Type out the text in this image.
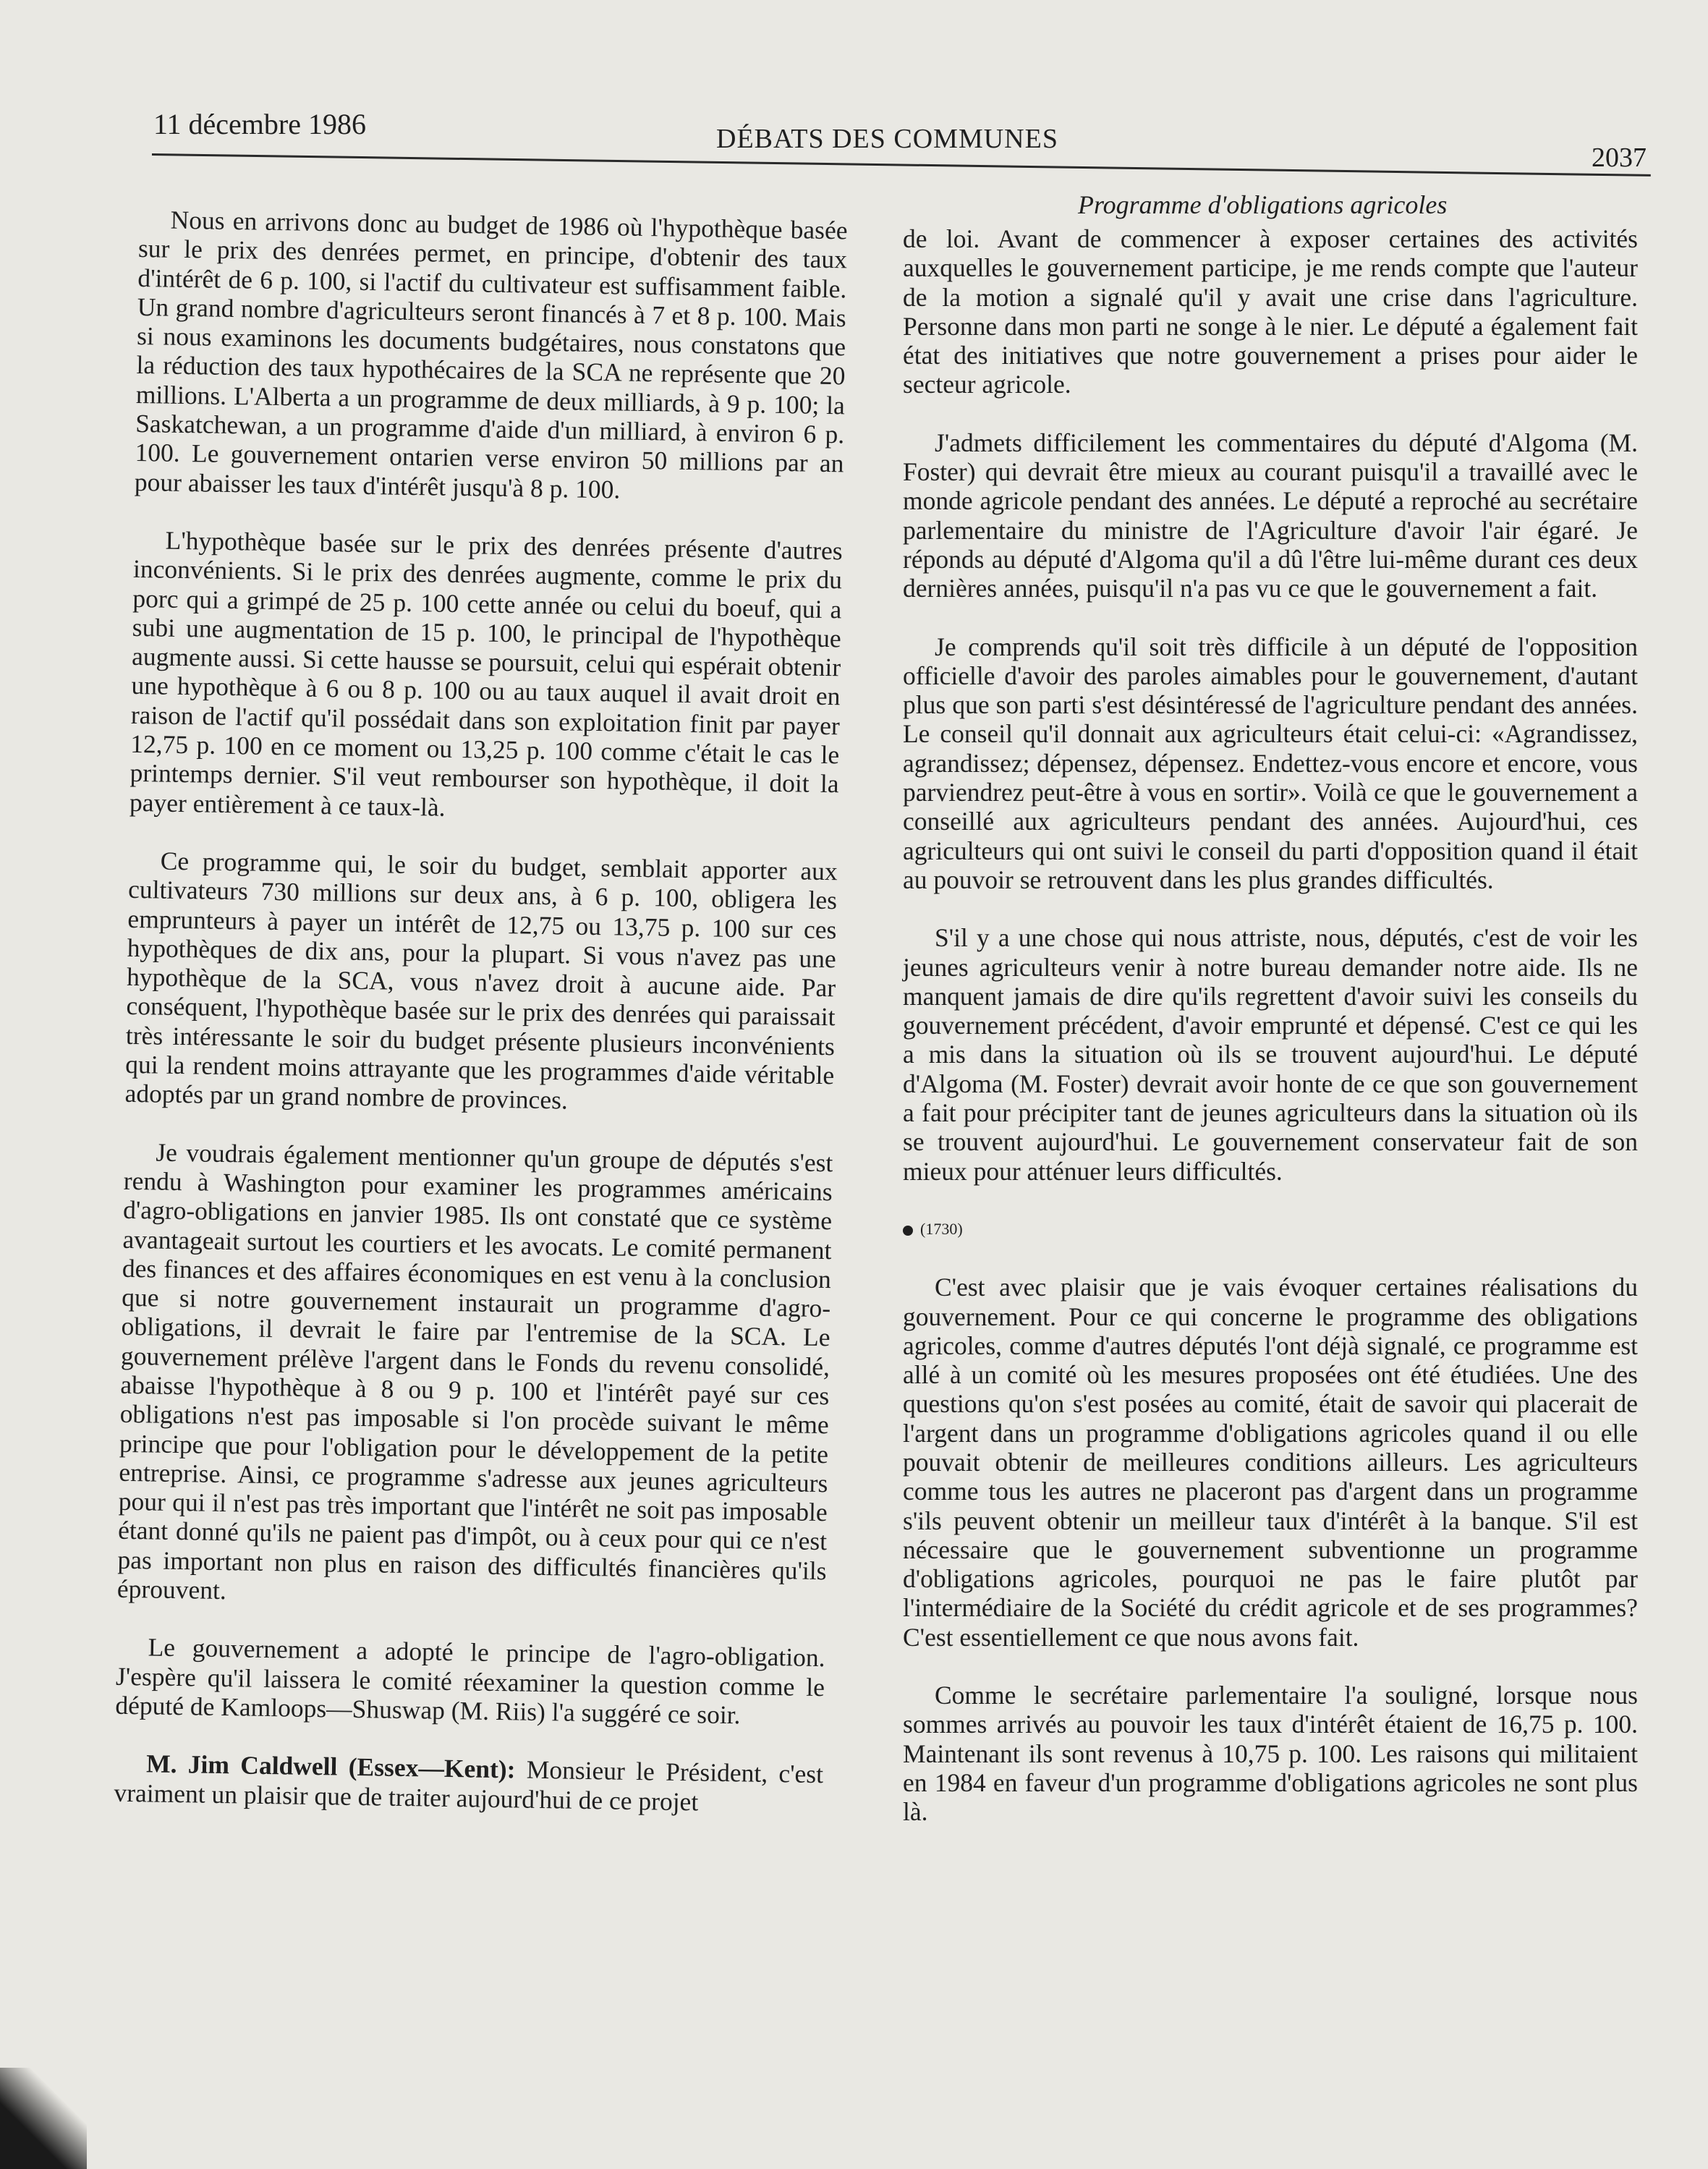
11 décembre 1986	DÉBATS DES COMMUNES
2037
Programme d'obligations agricoles

Nous en arrivons donc au budget de 1986 où l'hypothèque basée sur le prix des denrées permet, en principe, d'obtenir des taux d'intérêt de 6 p. 100, si l'actif du cultivateur est suffisamment faible. Un grand nombre d'agriculteurs seront financés à 7 et 8 p. 100. Mais si nous examinons les documents budgétaires, nous constatons que la réduction des taux hypothécaires de la SCA ne représente que 20 millions. L'Alberta a un programme de deux milliards, à 9 p. 100; la Saskatchewan, a un programme d'aide d'un milliard, à environ 6 p. 100. Le gouvernement ontarien verse environ 50 millions par an pour abaisser les taux d'intérêt jusqu'à 8 p. 100.

L'hypothèque basée sur le prix des denrées présente d'autres inconvénients. Si le prix des denrées augmente, comme le prix du porc qui a grimpé de 25 p. 100 cette année ou celui du boeuf, qui a subi une augmentation de 15 p. 100, le principal de l'hypothèque augmente aussi. Si cette hausse se poursuit, celui qui espérait obtenir une hypothèque à 6 ou 8 p. 100 ou au taux auquel il avait droit en raison de l'actif qu'il possédait dans son exploitation finit par payer 12,75 p. 100 en ce moment ou 13,25 p. 100 comme c'était le cas le printemps dernier. S'il veut rembourser son hypothèque, il doit la payer entièrement à ce taux-là.

Ce programme qui, le soir du budget, semblait apporter aux cultivateurs 730 millions sur deux ans, à 6 p. 100, obligera les emprunteurs à payer un intérêt de 12,75 ou 13,75 p. 100 sur ces hypothèques de dix ans, pour la plupart. Si vous n'avez pas une hypothèque de la SCA, vous n'avez droit à aucune aide. Par conséquent, l'hypothèque basée sur le prix des denrées qui paraissait très intéressante le soir du budget présente plusieurs inconvénients qui la rendent moins attrayante que les programmes d'aide véritable adoptés par un grand nombre de provinces.

Je voudrais également mentionner qu'un groupe de députés s'est rendu à Washington pour examiner les programmes américains d'agro-obligations en janvier 1985. Ils ont constaté que ce système avantageait surtout les courtiers et les avocats. Le comité permanent des finances et des affaires économiques en est venu à la conclusion que si notre gouvernement instaurait un programme d'agro-obligations, il devrait le faire par l'entremise de la SCA. Le gouvernement prélève l'argent dans le Fonds du revenu consolidé, abaisse l'hypothèque à 8 ou 9 p. 100 et l'intérêt payé sur ces obligations n'est pas imposable si l'on procède suivant le même principe que pour l'obligation pour le développement de la petite entreprise. Ainsi, ce programme s'adresse aux jeunes agriculteurs pour qui il n'est pas très important que l'intérêt ne soit pas imposable étant donné qu'ils ne paient pas d'impôt, ou à ceux pour qui ce n'est pas important non plus en raison des difficultés financières qu'ils éprouvent.

Le gouvernement a adopté le principe de l'agro-obligation. J'espère qu'il laissera le comité réexaminer la question comme le député de Kamloops—Shuswap (M. Riis) l'a suggéré ce soir.

M. Jim Caldwell (Essex—Kent): Monsieur le Président, c'est vraiment un plaisir que de traiter aujourd'hui de ce projet

de loi. Avant de commencer à exposer certaines des activités auxquelles le gouvernement participe, je me rends compte que l'auteur de la motion a signalé qu'il y avait une crise dans l'agriculture. Personne dans mon parti ne songe à le nier. Le député a également fait état des initiatives que notre gouvernement a prises pour aider le secteur agricole.

J'admets difficilement les commentaires du député d'Algoma (M. Foster) qui devrait être mieux au courant puisqu'il a travaillé avec le monde agricole pendant des années. Le député a reproché au secrétaire parlementaire du ministre de l'Agriculture d'avoir l'air égaré. Je réponds au député d'Algoma qu'il a dû l'être lui-même durant ces deux dernières années, puisqu'il n'a pas vu ce que le gouvernement a fait.

Je comprends qu'il soit très difficile à un député de l'opposition officielle d'avoir des paroles aimables pour le gouvernement, d'autant plus que son parti s'est désintéressé de l'agriculture pendant des années. Le conseil qu'il donnait aux agriculteurs était celui-ci: «Agrandissez, agrandissez; dépensez, dépensez. Endettez-vous encore et encore, vous parviendrez peut-être à vous en sortir». Voilà ce que le gouvernement a conseillé aux agriculteurs pendant des années. Aujourd'hui, ces agriculteurs qui ont suivi le conseil du parti d'opposition quand il était au pouvoir se retrouvent dans les plus grandes difficultés.

S'il y a une chose qui nous attriste, nous, députés, c'est de voir les jeunes agriculteurs venir à notre bureau demander notre aide. Ils ne manquent jamais de dire qu'ils regrettent d'avoir suivi les conseils du gouvernement précédent, d'avoir emprunté et dépensé. C'est ce qui les a mis dans la situation où ils se trouvent aujourd'hui. Le député d'Algoma (M. Foster) devrait avoir honte de ce que son gouvernement a fait pour précipiter tant de jeunes agriculteurs dans la situation où ils se trouvent aujourd'hui. Le gouvernement conservateur fait de son mieux pour atténuer leurs difficultés.

(1730)

C'est avec plaisir que je vais évoquer certaines réalisations du gouvernement. Pour ce qui concerne le programme des obligations agricoles, comme d'autres députés l'ont déjà signalé, ce programme est allé à un comité où les mesures proposées ont été étudiées. Une des questions qu'on s'est posées au comité, était de savoir qui placerait de l'argent dans un programme d'obligations agricoles quand il ou elle pouvait obtenir de meilleures conditions ailleurs. Les agriculteurs comme tous les autres ne placeront pas d'argent dans un programme s'ils peuvent obtenir un meilleur taux d'intérêt à la banque. S'il est nécessaire que le gouvernement subventionne un programme d'obligations agricoles, pourquoi ne pas le faire plutôt par l'intermédiaire de la Société du crédit agricole et de ses programmes? C'est essentiellement ce que nous avons fait.

Comme le secrétaire parlementaire l'a souligné, lorsque nous sommes arrivés au pouvoir les taux d'intérêt étaient de 16,75 p. 100. Maintenant ils sont revenus à 10,75 p. 100. Les raisons qui militaient en 1984 en faveur d'un programme d'obligations agricoles ne sont plus là.
